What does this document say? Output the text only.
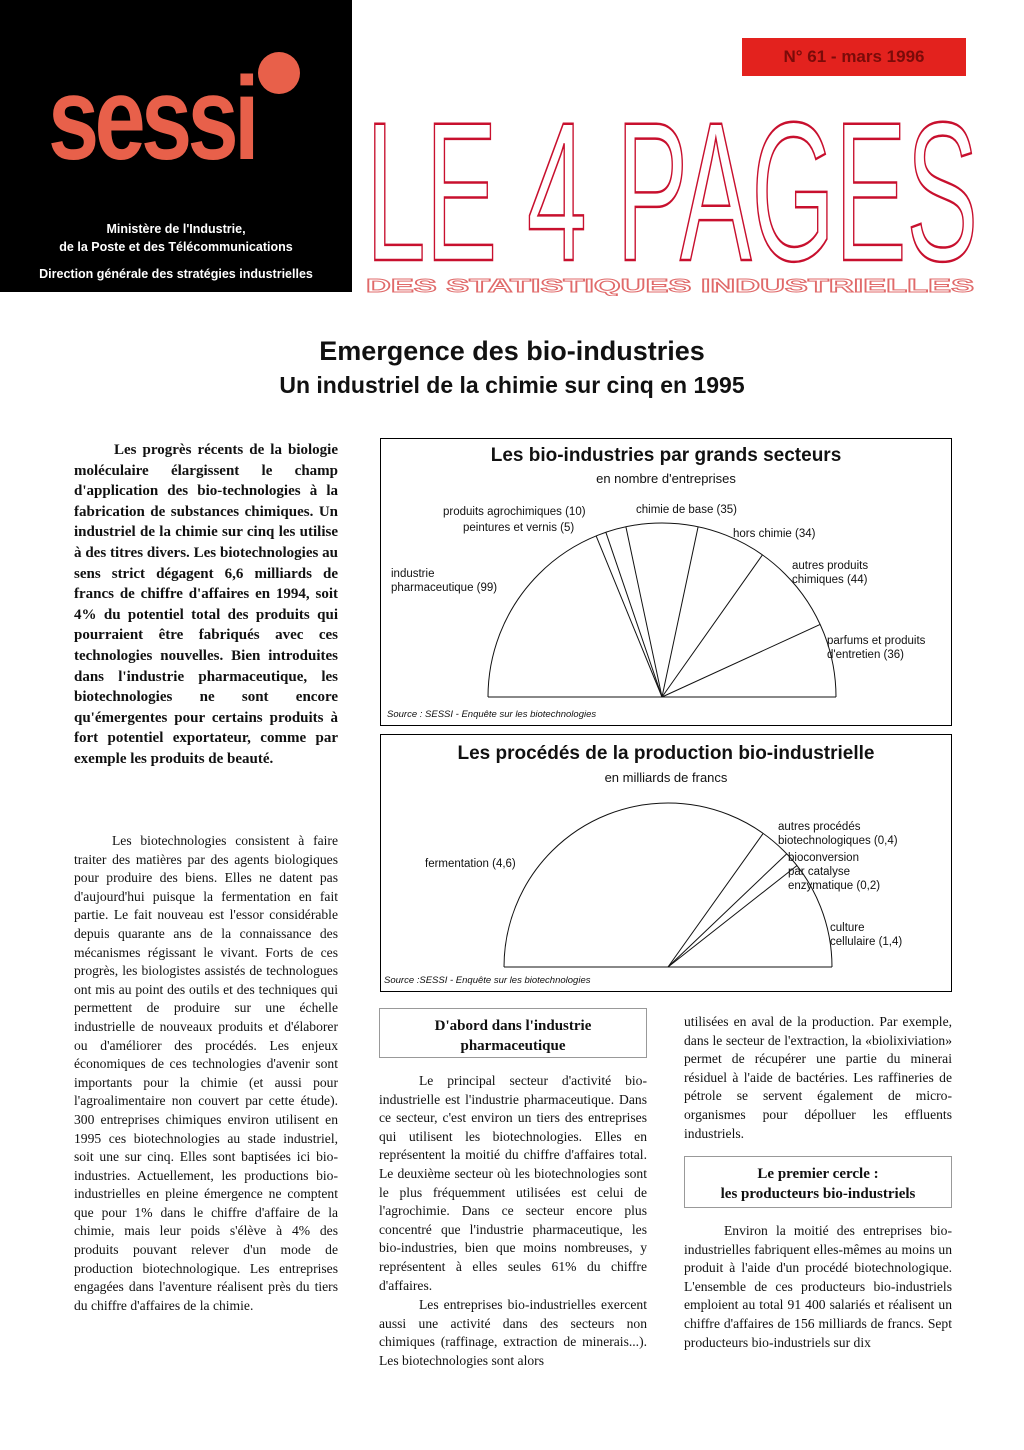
sessi
Ministère de l'Industrie,
de la Poste et des Télécommunications
Direction générale des stratégies industrielles
N° 61 - mars 1996
LE 4 PAGES
DES STATISTIQUES INDUSTRIELLES
Emergence des bio-industries
Un industriel de la chimie sur cinq en 1995
Les progrès récents de la biologie moléculaire élargissent le champ d'application des bio-technologies à la fabrication de substances chimiques. Un industriel de la chimie sur cinq les utilise à des titres divers. Les biotechnologies au sens strict dégagent 6,6 milliards de francs de chiffre d'affaires en 1994, soit 4% du potentiel total des produits qui pourraient être fabriqués avec ces technologies nouvelles. Bien introduites dans l'industrie pharmaceutique, les biotechnologies ne sont encore qu'émergentes pour certains produits à fort potentiel exportateur, comme par exemple les produits de beauté.
Les biotechnologies consistent à faire traiter des matières par des agents biologiques pour produire des biens. Elles ne datent pas d'aujourd'hui puisque la fermentation en fait partie. Le fait nouveau est l'essor considérable depuis quarante ans de la connaissance des mécanismes régissant le vivant. Forts de ces progrès, les biologistes assistés de technologues ont mis au point des outils et des techniques qui permettent de produire sur une échelle industrielle de nouveaux produits et d'élaborer ou d'améliorer des procédés. Les enjeux économiques de ces technologies d'avenir sont importants pour la chimie (et aussi pour l'agroalimentaire non couvert par cette étude). 300 entreprises chimiques environ utilisent en 1995 ces biotechnologies au stade industriel, soit une sur cinq. Elles sont baptisées ici bio-industries. Actuellement, les productions bio-industrielles en pleine émergence ne comptent que pour 1% dans le chiffre d'affaire de la chimie, mais leur poids s'élève à 4% des produits pouvant relever d'un mode de production biotechnologique. Les entreprises engagées dans l'aventure réalisent près du tiers du chiffre d'affaires de la chimie.
Les bio-industries par grands secteurs
en nombre d'entreprises
industrie pharmaceutique (99)
peintures et vernis (5)
produits agrochimiques (10)	chimie de base (35)
hors chimie (34)
autres produits chimiques (44)
parfums et produits d'entretien (36)
Source : SESSI - Enquête sur les biotechnologies
Les procédés de la production bio-industrielle
en milliards de francs
fermentation (4,6)
autres procédés biotechnologiques (0,4)
bioconversion par catalyse enzymatique (0,2)
culture cellulaire (1,4)
Source :SESSI - Enquête sur les biotechnologies
D'abord dans l'industrie
pharmaceutique
Le principal secteur d'activité bio-industrielle est l'industrie pharmaceutique. Dans ce secteur, c'est environ un tiers des entreprises qui utilisent les biotechnologies. Elles en représentent la moitié du chiffre d'affaires total. Le deuxième secteur où les biotechnologies sont le plus fréquemment utilisées est celui de l'agrochimie. Dans ce secteur encore plus concentré que l'industrie pharmaceutique, les bio-industries, bien que moins nombreuses, y représentent à elles seules 61% du chiffre d'affaires.
Les entreprises bio-industrielles exercent aussi une activité dans des secteurs non chimiques (raffinage, extraction de minerais...). Les biotechnologies sont alors
utilisées en aval de la production. Par exemple, dans le secteur de l'extraction, la «biolixiviation» permet de récupérer une partie du minerai résiduel à l'aide de bactéries. Les raffineries de pétrole se servent également de micro-organismes pour dépolluer les effluents industriels.
Le premier cercle :
les producteurs bio-industriels
Environ la moitié des entreprises bio-industrielles fabriquent elles-mêmes au moins un produit à l'aide d'un procédé biotechnologique. L'ensemble de ces producteurs bio-industriels emploient au total 91 400 salariés et réalisent un chiffre d'affaires de 156 milliards de francs. Sept producteurs bio-industriels sur dix
